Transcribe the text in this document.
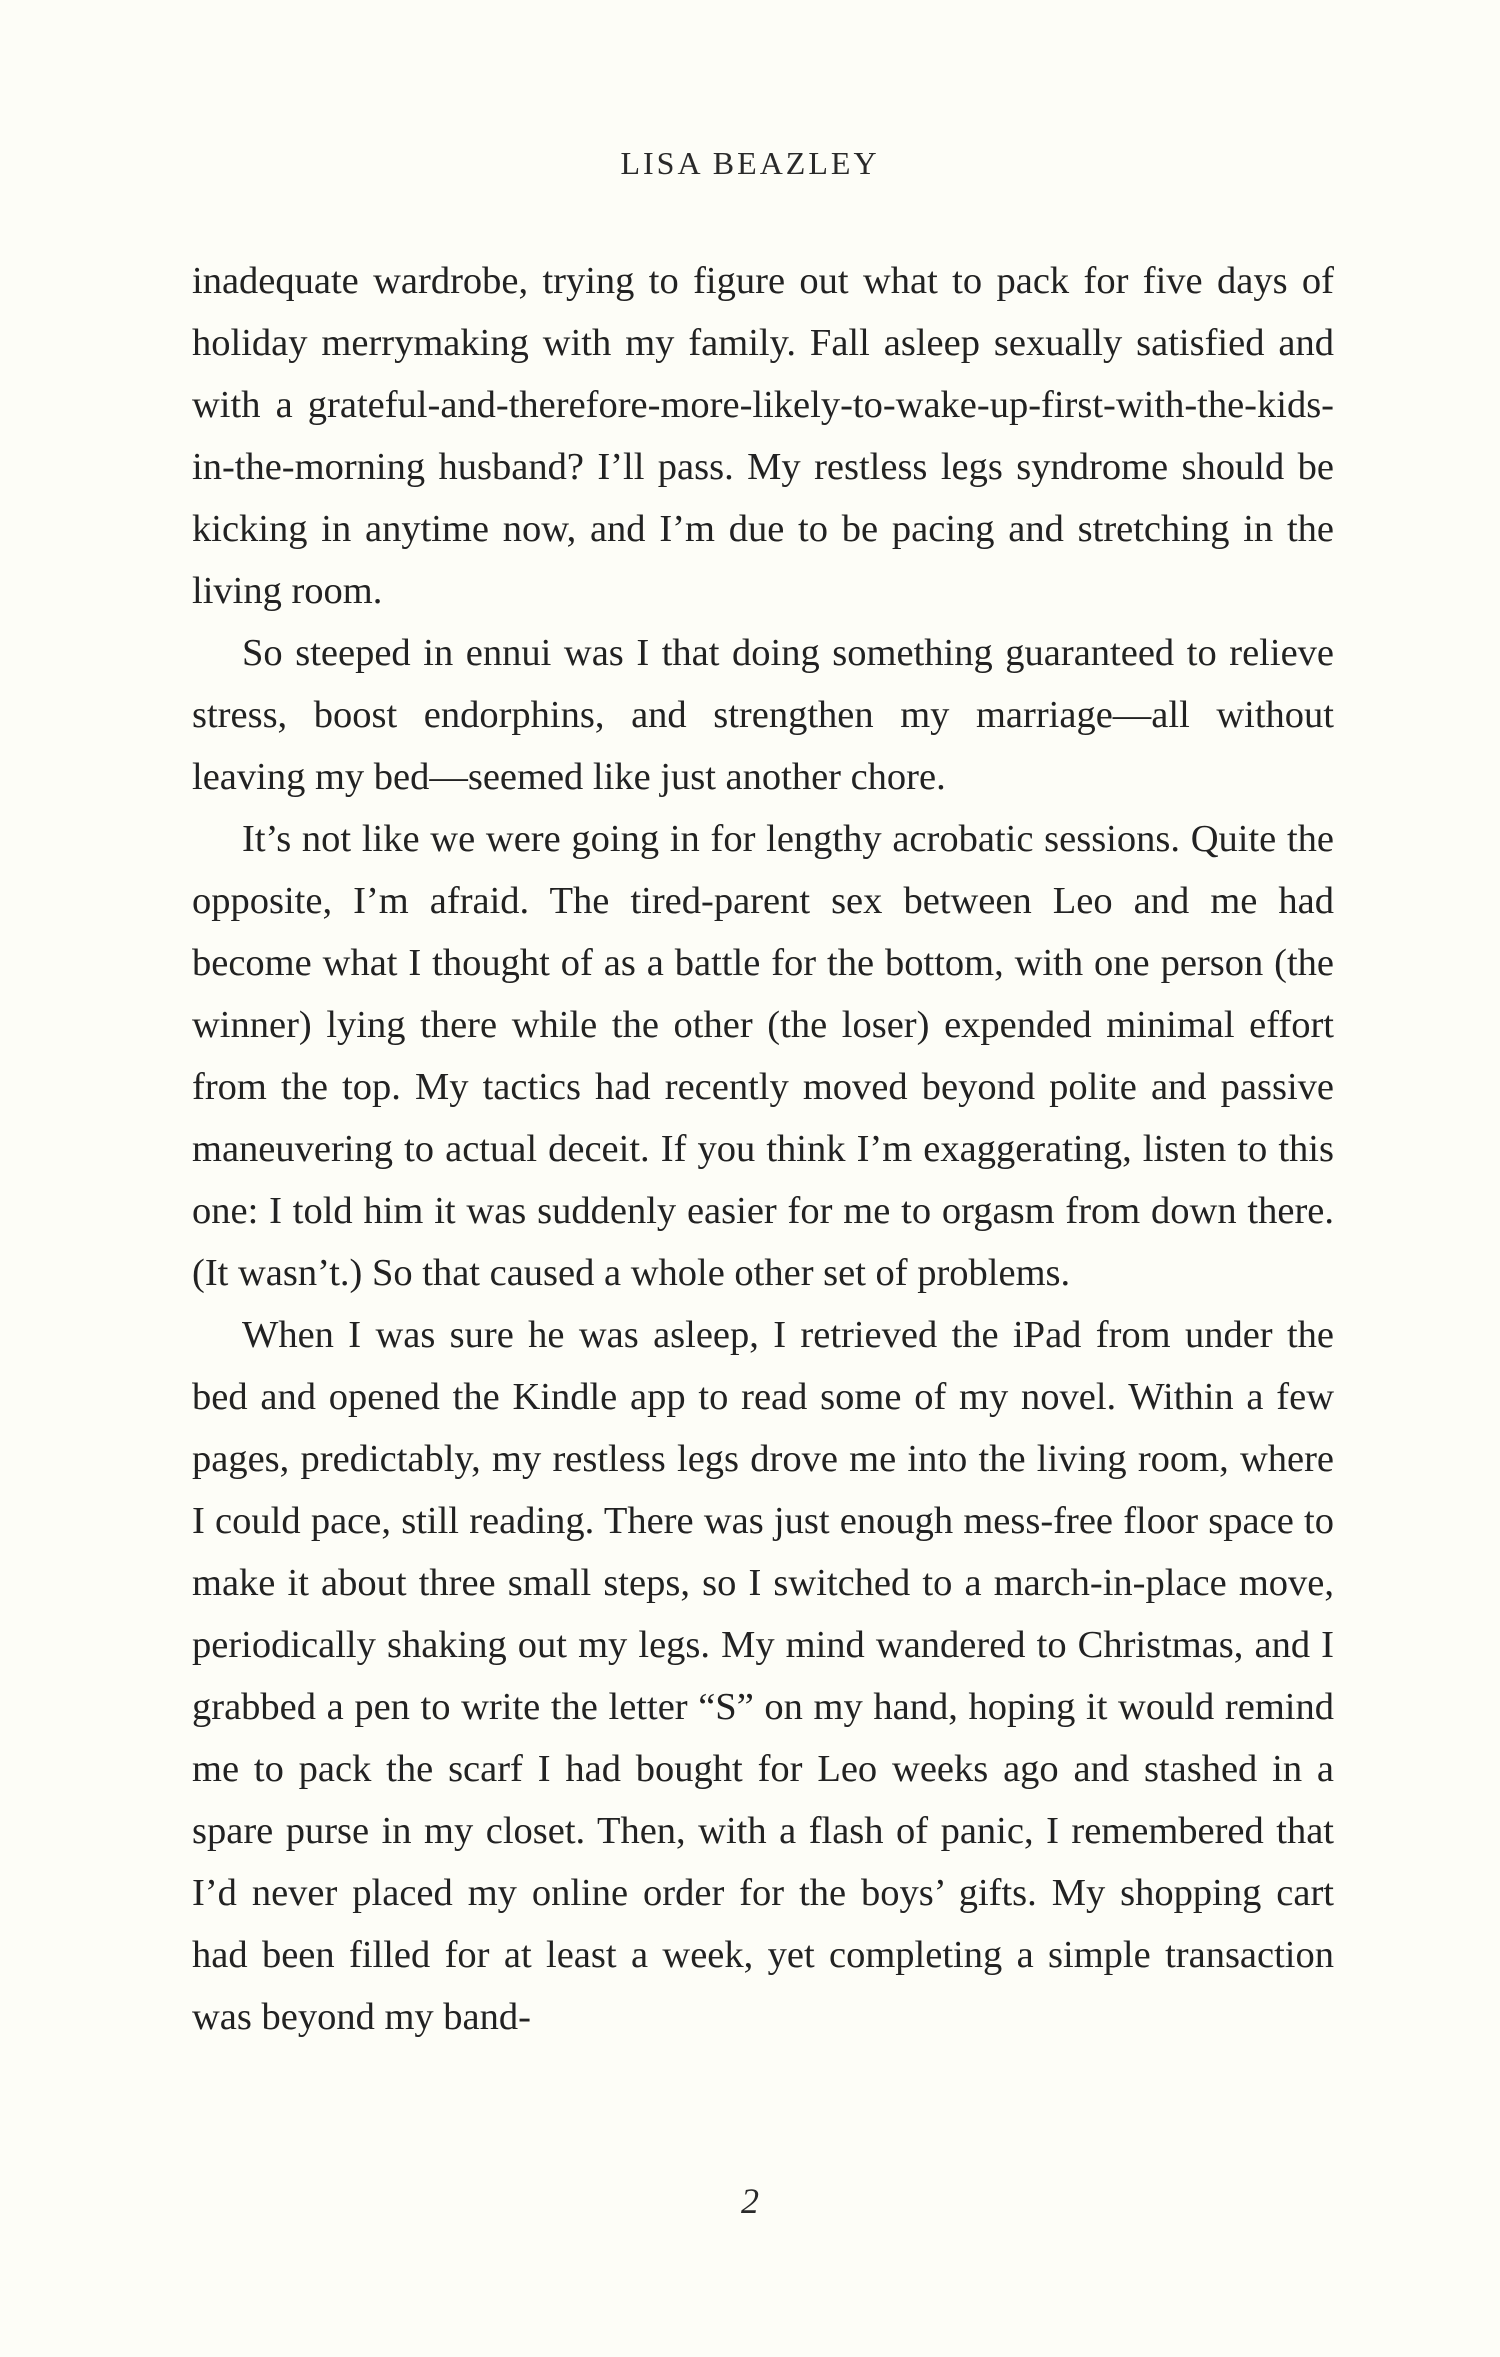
LISA BEAZLEY

inadequate wardrobe, trying to figure out what to pack for five days of holiday merrymaking with my family. Fall asleep sexually satisfied and with a grateful-and-therefore-more-likely-to-wake-up-first-with-the-kids-in-the-morning husband? I’ll pass. My restless legs syndrome should be kicking in anytime now, and I’m due to be pacing and stretching in the living room.

So steeped in ennui was I that doing something guaranteed to relieve stress, boost endorphins, and strengthen my marriage—all without leaving my bed—seemed like just another chore.

It’s not like we were going in for lengthy acrobatic sessions. Quite the opposite, I’m afraid. The tired-parent sex between Leo and me had become what I thought of as a battle for the bottom, with one person (the winner) lying there while the other (the loser) expended minimal effort from the top. My tactics had recently moved beyond polite and passive maneuvering to actual deceit. If you think I’m exaggerating, listen to this one: I told him it was suddenly easier for me to orgasm from down there. (It wasn’t.) So that caused a whole other set of problems.

When I was sure he was asleep, I retrieved the iPad from under the bed and opened the Kindle app to read some of my novel. Within a few pages, predictably, my restless legs drove me into the living room, where I could pace, still reading. There was just enough mess-free floor space to make it about three small steps, so I switched to a march-in-place move, periodically shaking out my legs. My mind wandered to Christmas, and I grabbed a pen to write the letter “S” on my hand, hoping it would remind me to pack the scarf I had bought for Leo weeks ago and stashed in a spare purse in my closet. Then, with a flash of panic, I remembered that I’d never placed my online order for the boys’ gifts. My shopping cart had been filled for at least a week, yet completing a simple transaction was beyond my band-

2
